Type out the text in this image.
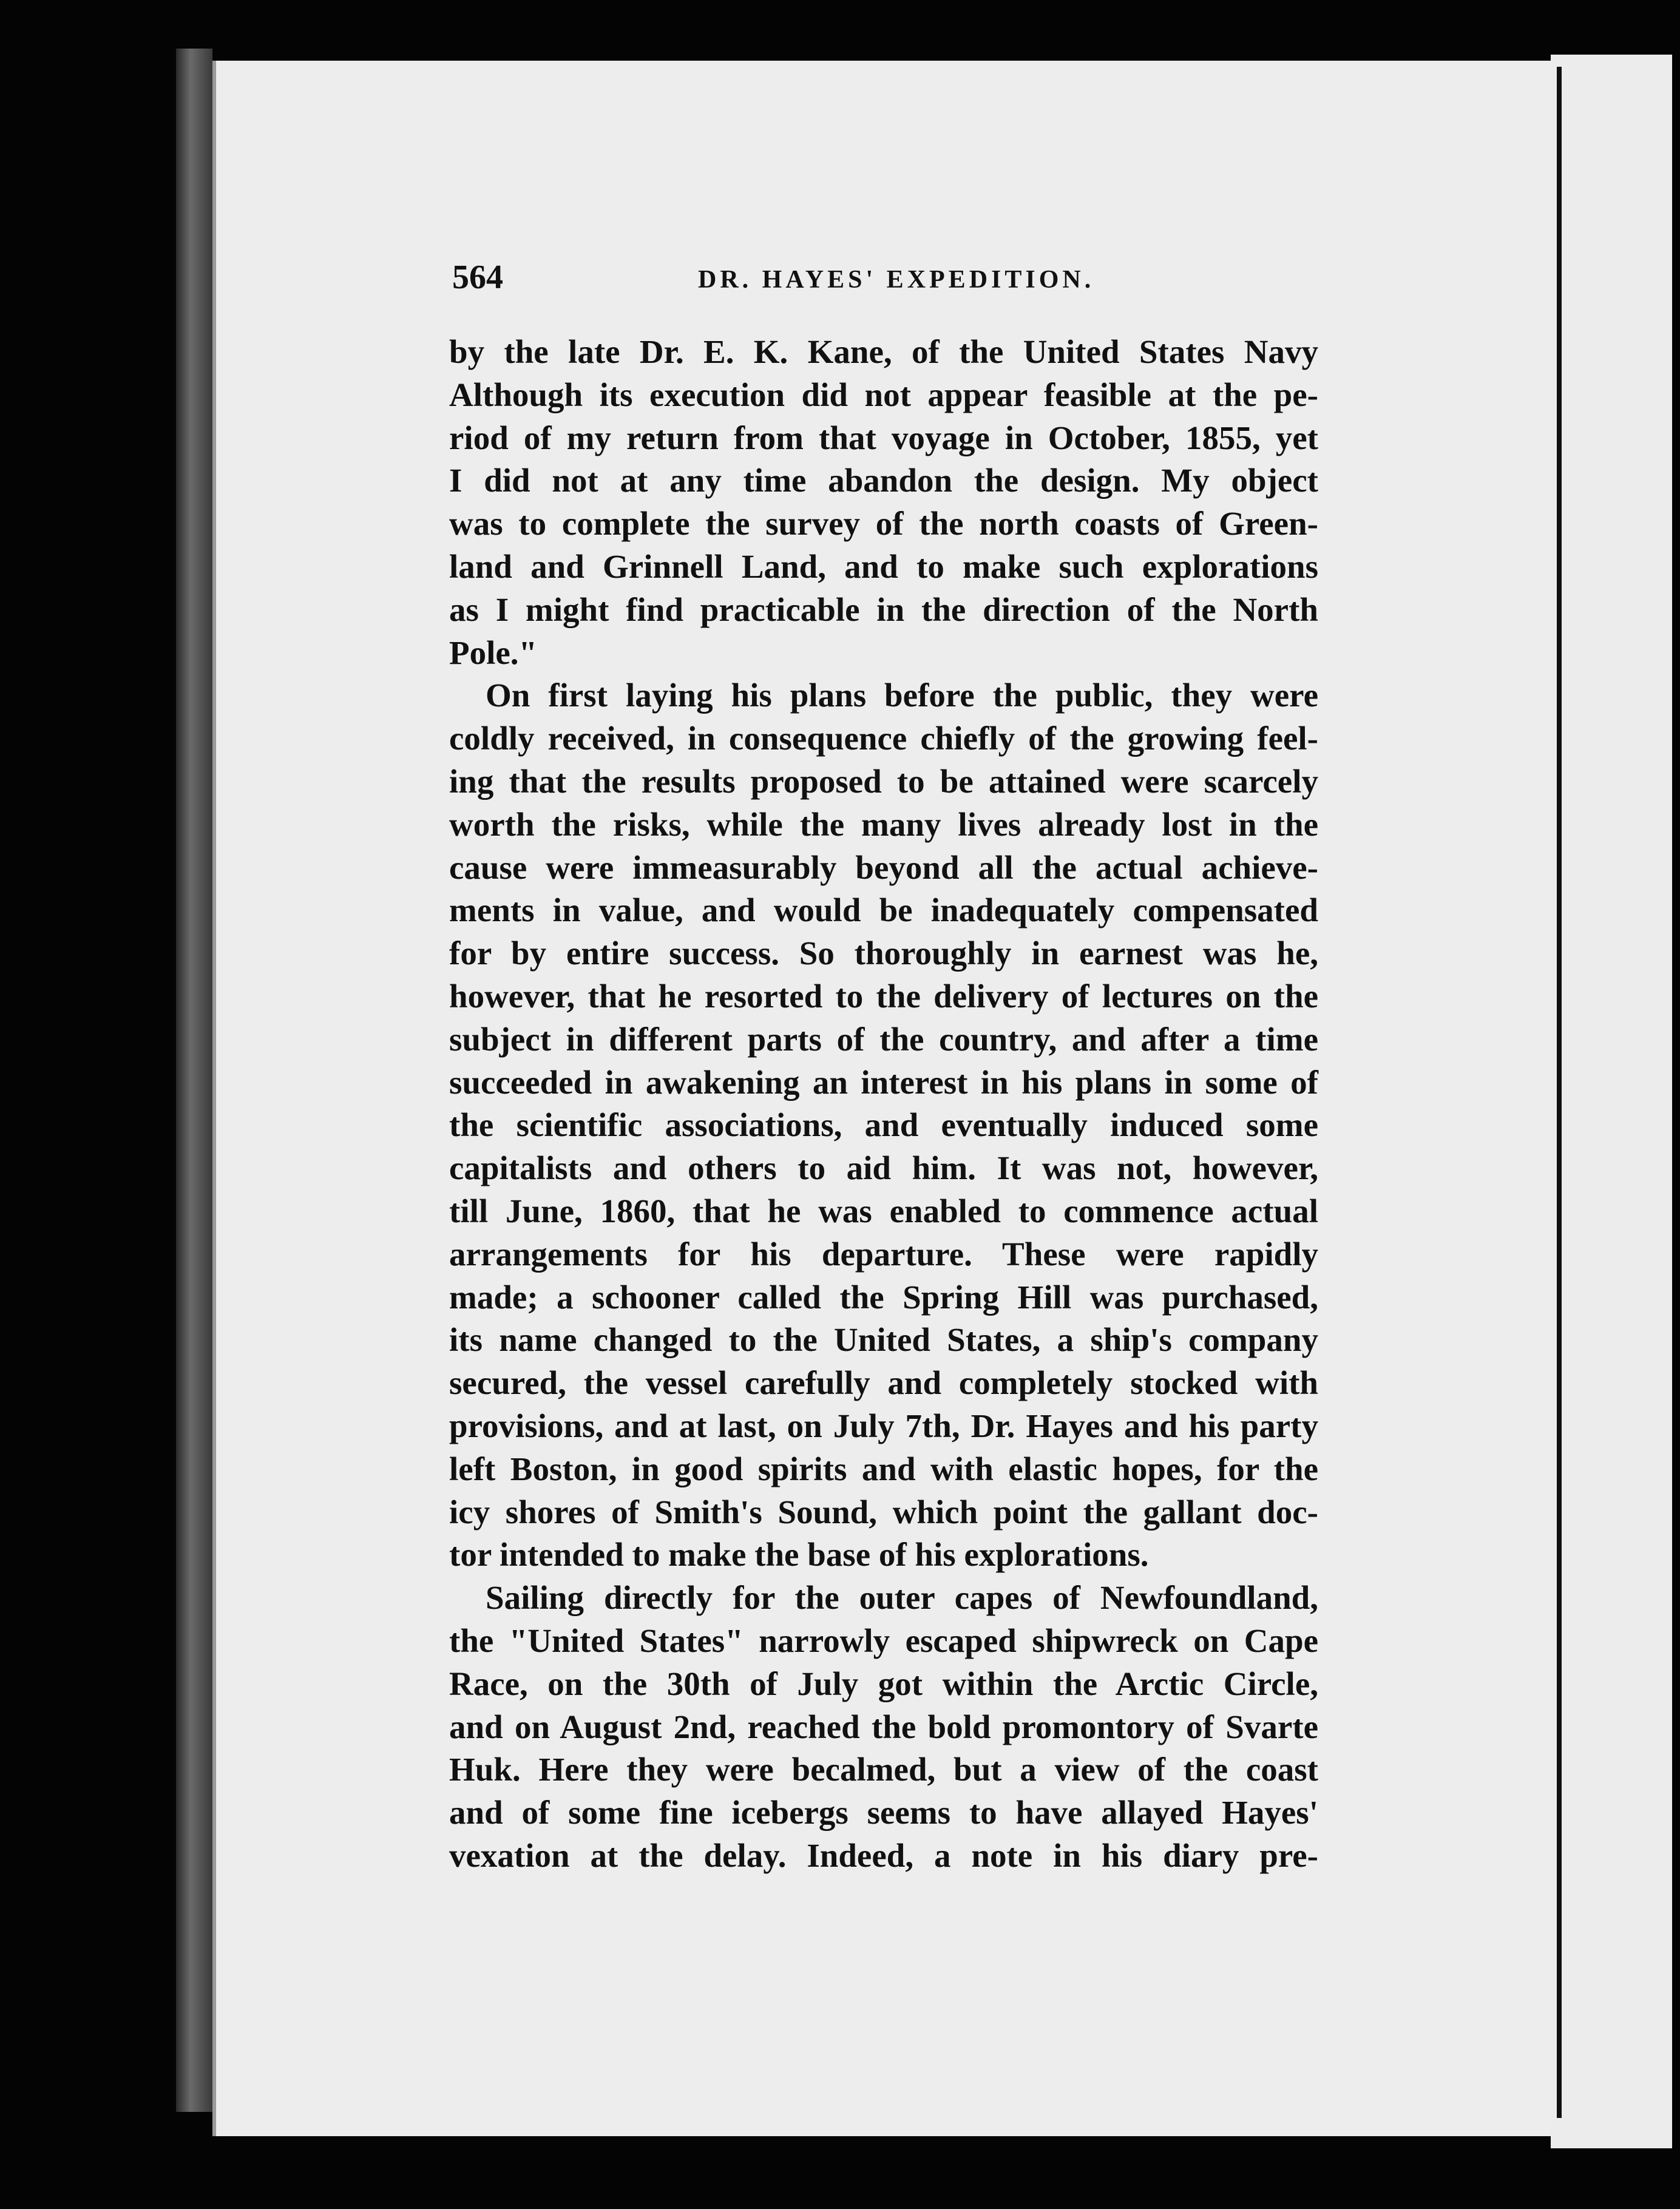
564	DR. HAYES' EXPEDITION.
by the late Dr. E. K. Kane, of the United States Navy
Although its execution did not appear feasible at the pe-
riod of my return from that voyage in October, 1855, yet
I did not at any time abandon the design. My object
was to complete the survey of the north coasts of Green-
land and Grinnell Land, and to make such explorations
as I might find practicable in the direction of the North
Pole."
On first laying his plans before the public, they were
coldly received, in consequence chiefly of the growing feel-
ing that the results proposed to be attained were scarcely
worth the risks, while the many lives already lost in the
cause were immeasurably beyond all the actual achieve-
ments in value, and would be inadequately compensated
for by entire success. So thoroughly in earnest was he,
however, that he resorted to the delivery of lectures on the
subject in different parts of the country, and after a time
succeeded in awakening an interest in his plans in some of
the scientific associations, and eventually induced some
capitalists and others to aid him. It was not, however,
till June, 1860, that he was enabled to commence actual
arrangements for his departure. These were rapidly
made; a schooner called the Spring Hill was purchased,
its name changed to the United States, a ship's company
secured, the vessel carefully and completely stocked with
provisions, and at last, on July 7th, Dr. Hayes and his party
left Boston, in good spirits and with elastic hopes, for the
icy shores of Smith's Sound, which point the gallant doc-
tor intended to make the base of his explorations.
Sailing directly for the outer capes of Newfoundland,
the "United States" narrowly escaped shipwreck on Cape
Race, on the 30th of July got within the Arctic Circle,
and on August 2nd, reached the bold promontory of Svarte
Huk. Here they were becalmed, but a view of the coast
and of some fine icebergs seems to have allayed Hayes'
vexation at the delay. Indeed, a note in his diary pre-
